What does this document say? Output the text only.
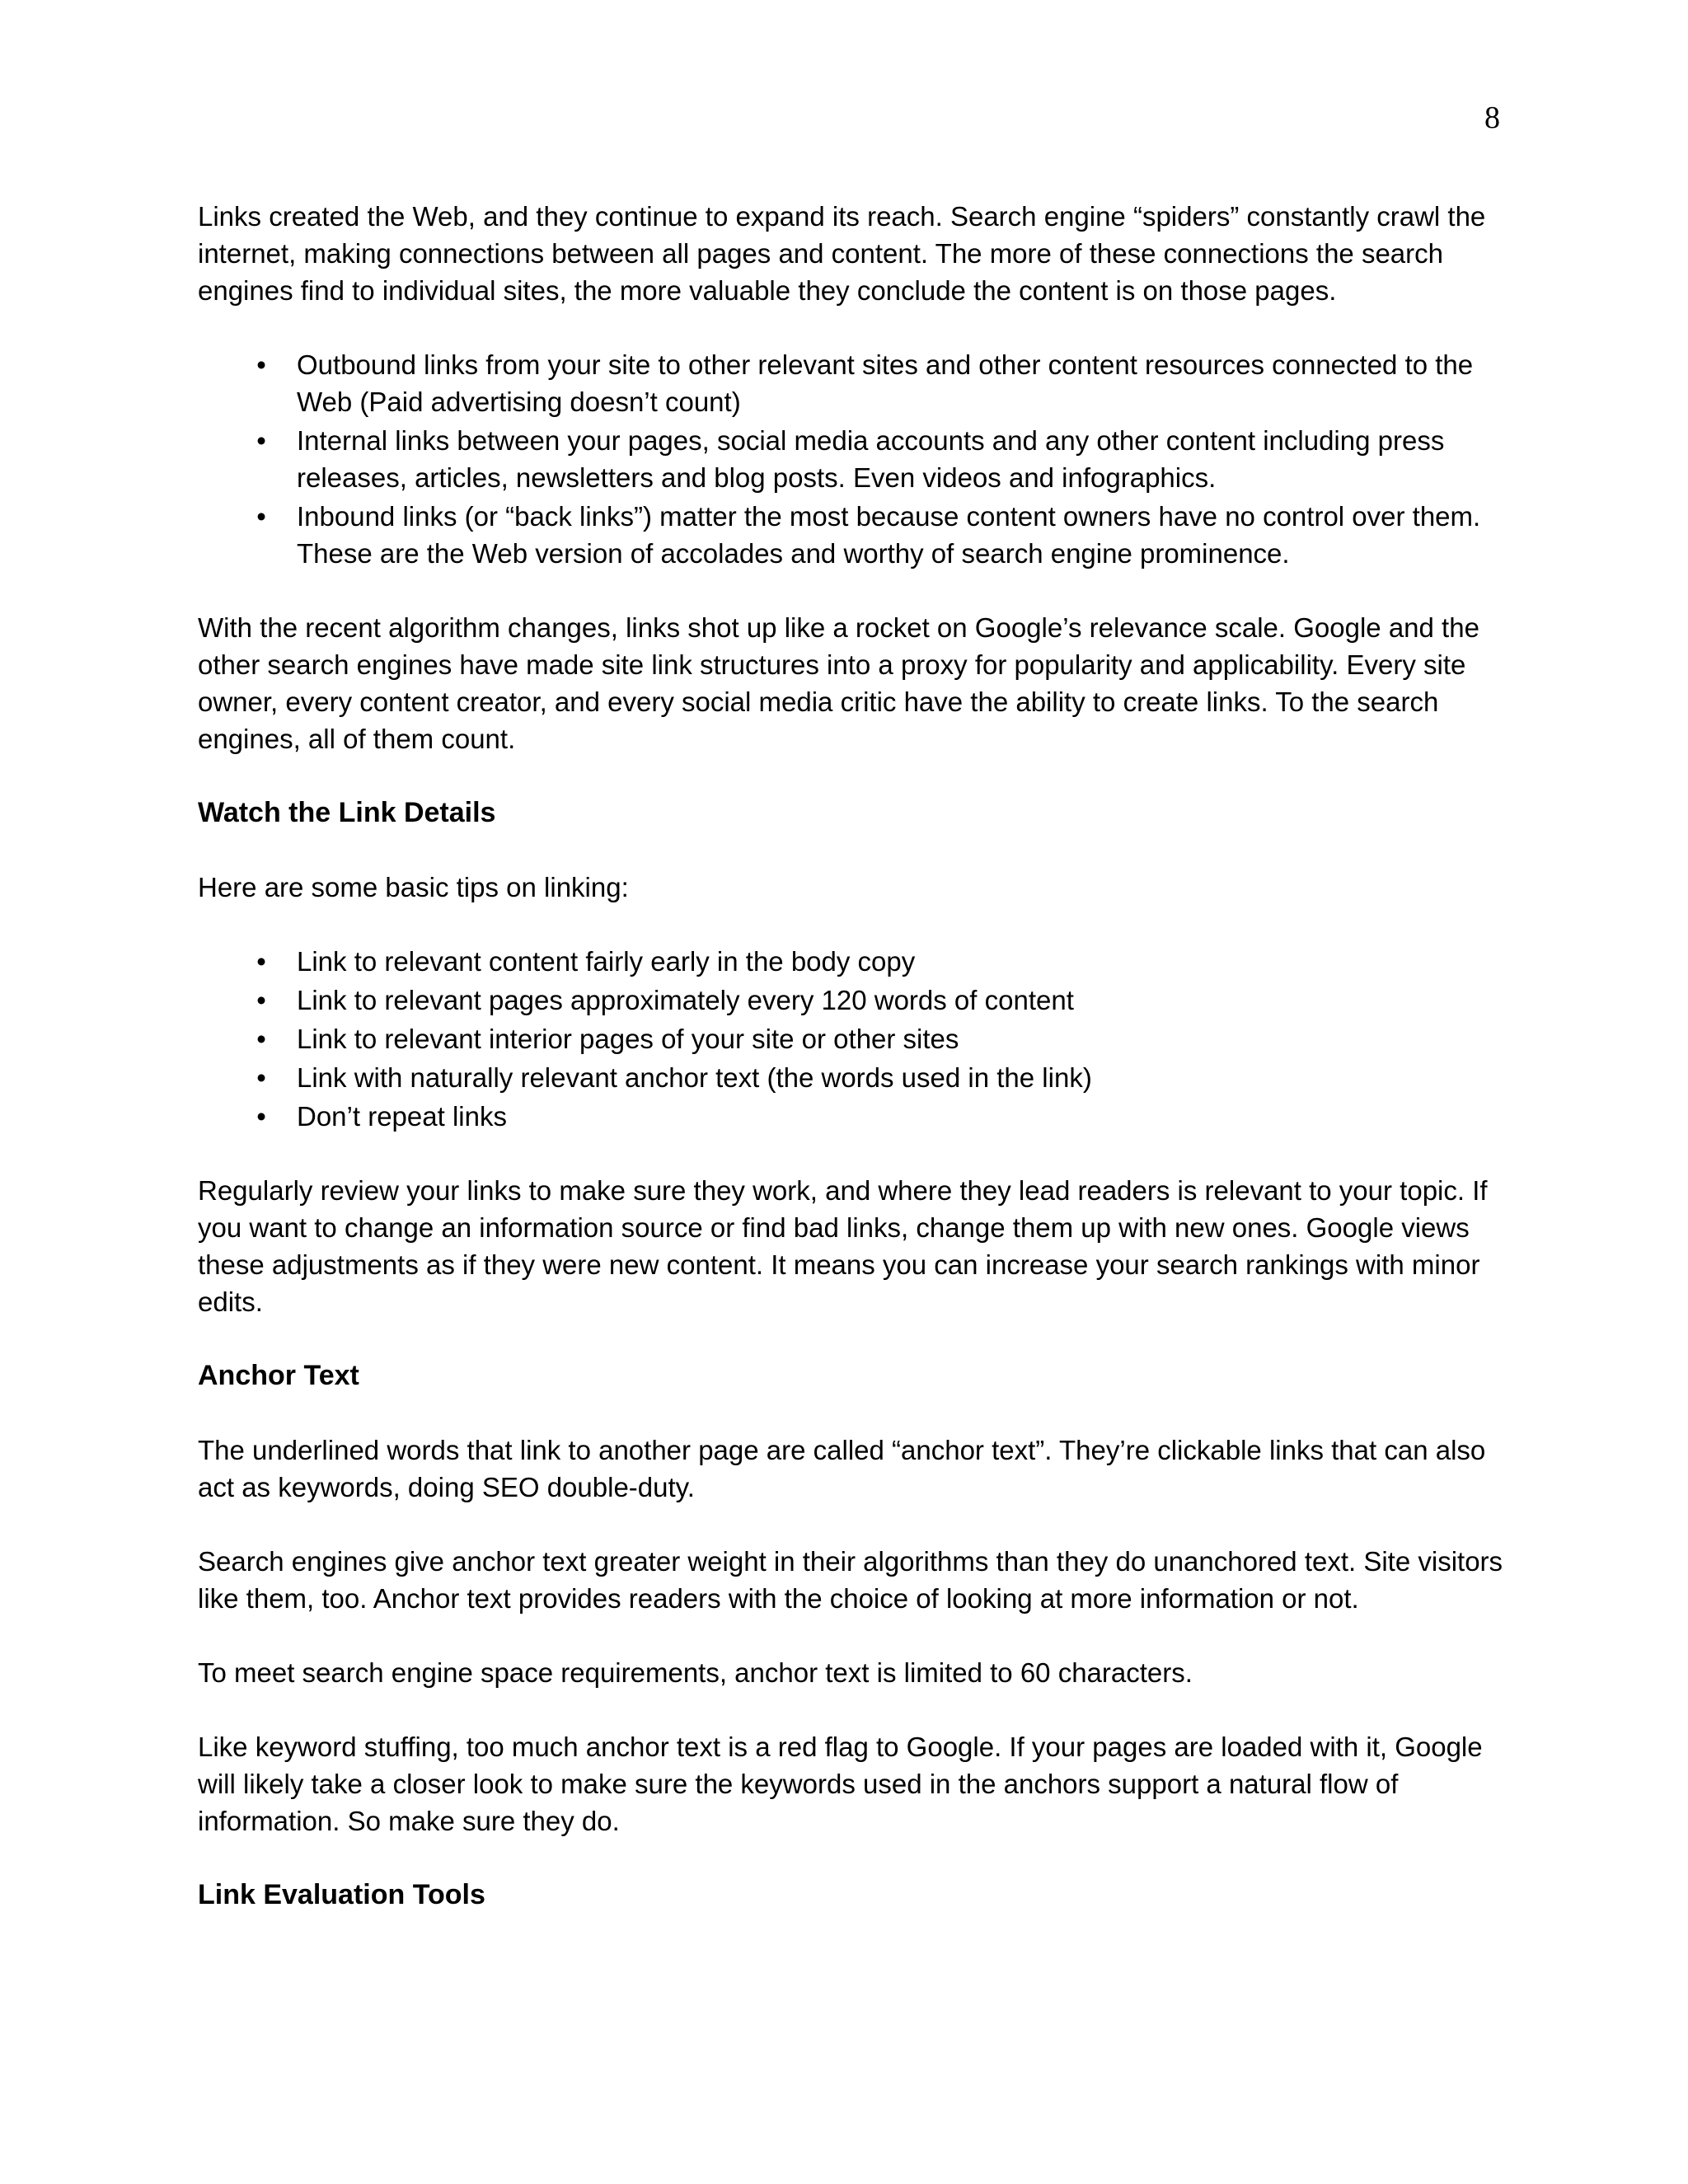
8

Links created the Web, and they continue to expand its reach. Search engine “spiders” constantly crawl the internet, making connections between all pages and content. The more of these connections the search engines find to individual sites, the more valuable they conclude the content is on those pages.

• Outbound links from your site to other relevant sites and other content resources connected to the Web (Paid advertising doesn’t count)
• Internal links between your pages, social media accounts and any other content including press releases, articles, newsletters and blog posts. Even videos and infographics.
• Inbound links (or “back links”) matter the most because content owners have no control over them. These are the Web version of accolades and worthy of search engine prominence.

With the recent algorithm changes, links shot up like a rocket on Google’s relevance scale. Google and the other search engines have made site link structures into a proxy for popularity and applicability. Every site owner, every content creator, and every social media critic have the ability to create links. To the search engines, all of them count.

Watch the Link Details

Here are some basic tips on linking:

• Link to relevant content fairly early in the body copy
• Link to relevant pages approximately every 120 words of content
• Link to relevant interior pages of your site or other sites
• Link with naturally relevant anchor text (the words used in the link)
• Don’t repeat links

Regularly review your links to make sure they work, and where they lead readers is relevant to your topic. If you want to change an information source or find bad links, change them up with new ones. Google views these adjustments as if they were new content. It means you can increase your search rankings with minor edits.

Anchor Text

The underlined words that link to another page are called “anchor text”. They’re clickable links that can also act as keywords, doing SEO double-duty.

Search engines give anchor text greater weight in their algorithms than they do unanchored text. Site visitors like them, too. Anchor text provides readers with the choice of looking at more information or not.

To meet search engine space requirements, anchor text is limited to 60 characters.

Like keyword stuffing, too much anchor text is a red flag to Google. If your pages are loaded with it, Google will likely take a closer look to make sure the keywords used in the anchors support a natural flow of information. So make sure they do.

Link Evaluation Tools
